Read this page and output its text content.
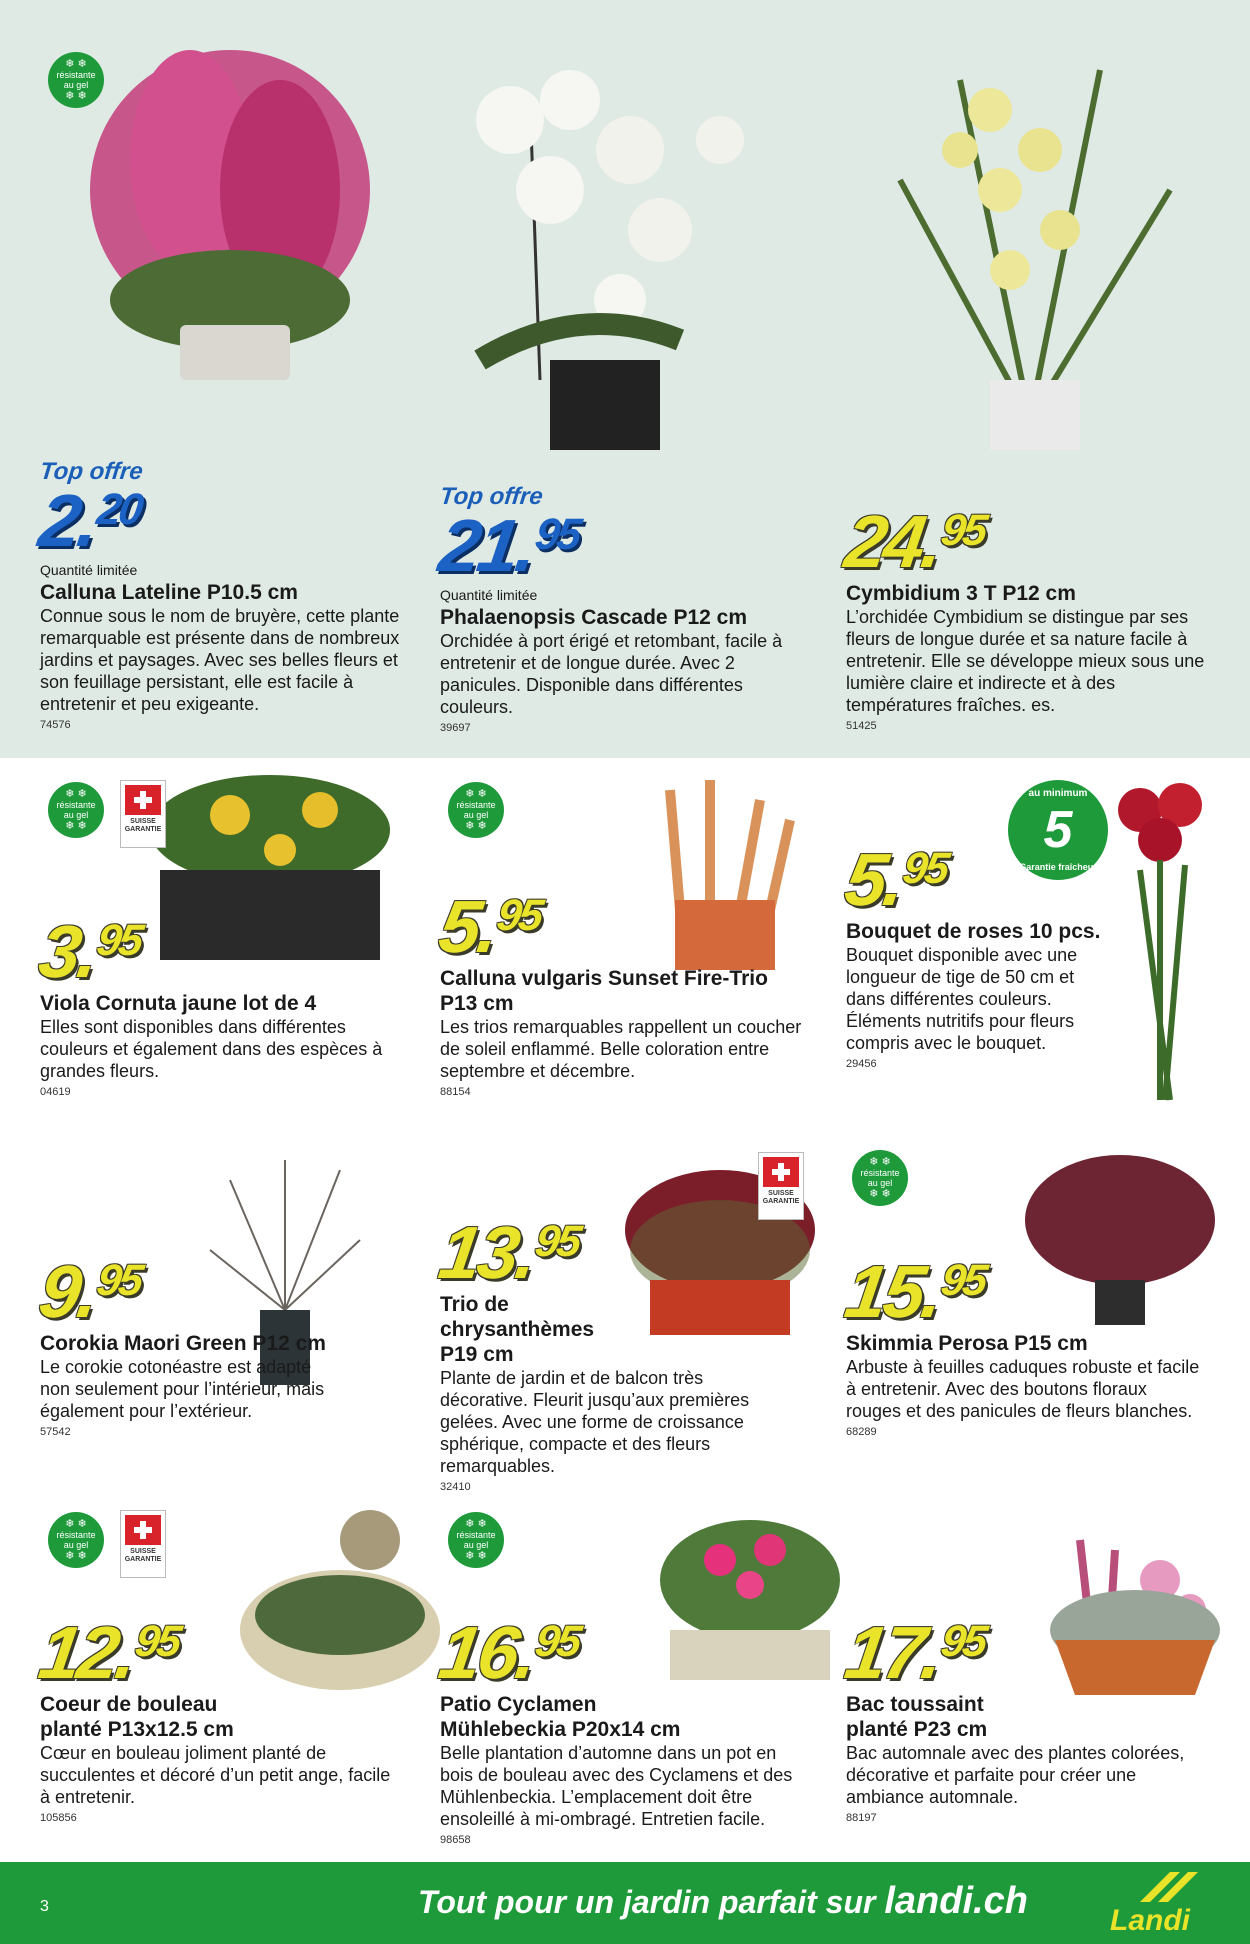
❄ ❄
résistante
au gel
❄ ❄
❄ ❄
résistante
au gel
❄ ❄	SUISSE
GARANTIE
❄ ❄
résistante
au gel
❄ ❄
au minimum
5
Garantie fraîcheur
SUISSE
GARANTIE
❄ ❄
résistante
au gel
❄ ❄
❄ ❄
résistante
au gel
❄ ❄	SUISSE
GARANTIE
❄ ❄
résistante
au gel
❄ ❄
Top offre
2.20
Quantité limitée
Calluna Lateline P10.5 cm
Connue sous le nom de bruyère, cette plante remarquable est présente dans de nombreux jardins et paysages. Avec ses belles fleurs et son feuillage persistant, elle est facile à entretenir et peu exigeante.
74576
Top offre
21.95
Quantité limitée
Phalaenopsis Cascade P12 cm
Orchidée à port érigé et retombant, facile à entretenir et de longue durée. Avec 2 panicules. Disponible dans différentes couleurs.
39697
24.95
Cymbidium 3 T P12 cm
L’orchidée Cymbidium se distingue par ses fleurs de longue durée et sa nature facile à entretenir. Elle se développe mieux sous une lumière claire et indirecte et à des températures fraîches. es.
51425
3.95
Viola Cornuta jaune lot de 4
Elles sont disponibles dans différentes couleurs et également dans des espèces à grandes fleurs.
04619
5.95
Calluna vulgaris Sunset Fire-Trio P13 cm
Les trios remarquables rappellent un coucher de soleil enflammé. Belle coloration entre septembre et décembre.
88154
5.95
Bouquet de roses 10 pcs.
Bouquet disponible avec une longueur de tige de 50 cm et dans différentes couleurs. Éléments nutritifs pour fleurs compris avec le bouquet.
29456
9.95
Corokia Maori Green P12 cm
Le corokie cotonéastre est adapté non seulement pour l’intérieur, mais également pour l’extérieur.
57542
13.95
Trio de chrysanthèmes P19 cm
Plante de jardin et de balcon très décorative. Fleurit jusqu’aux premières gelées. Avec une forme de croissance sphérique, compacte et des fleurs remarquables.
32410
15.95
Skimmia Perosa P15 cm
Arbuste à feuilles caduques robuste et facile à entretenir. Avec des boutons floraux rouges et des panicules de fleurs blanches.
68289
12.95
Coeur de bouleau planté P13x12.5 cm
Cœur en bouleau joliment planté de succulentes et décoré d’un petit ange, facile à entretenir.
105856
16.95
Patio Cyclamen Mühlebeckia P20x14 cm
Belle plantation d’automne dans un pot en bois de bouleau avec des Cyclamens et des Mühlenbeckia. L’emplacement doit être ensoleillé à mi-ombragé. Entretien facile.
98658
17.95
Bac toussaint planté P23 cm
Bac automnale avec des plantes colorées, décorative et parfaite pour créer une ambiance automnale.
88197
3	Tout pour un jardin parfait sur landi.ch	Landi
